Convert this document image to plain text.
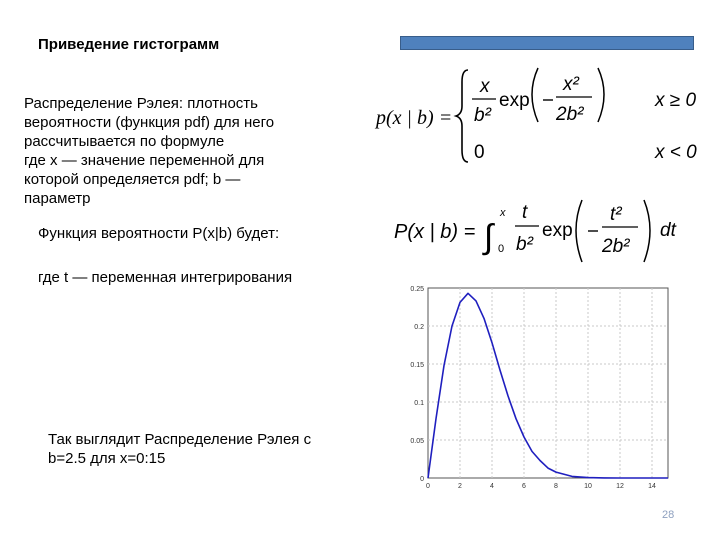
Приведение гистограмм
Распределение Рэлея: плотность
вероятности (функция pdf) для него
рассчитывается по формуле
где x — значение переменной для
которой определяется pdf; b —
параметр
Функция вероятности P(x|b) будет:
где t — переменная интегрирования
Так выглядит Распределение Рэлея с
b=2.5 для x=0:15
p(x | b) =
x
b²
exp
x²
2b²
x ≥ 0
0	x < 0
P(x | b) = ∫
x
0
t
b²
exp
t²
2b²
dt
0
0.05
0.1
0.15
0.2
0.25
0	2	4	6	8	10	12	14
28
